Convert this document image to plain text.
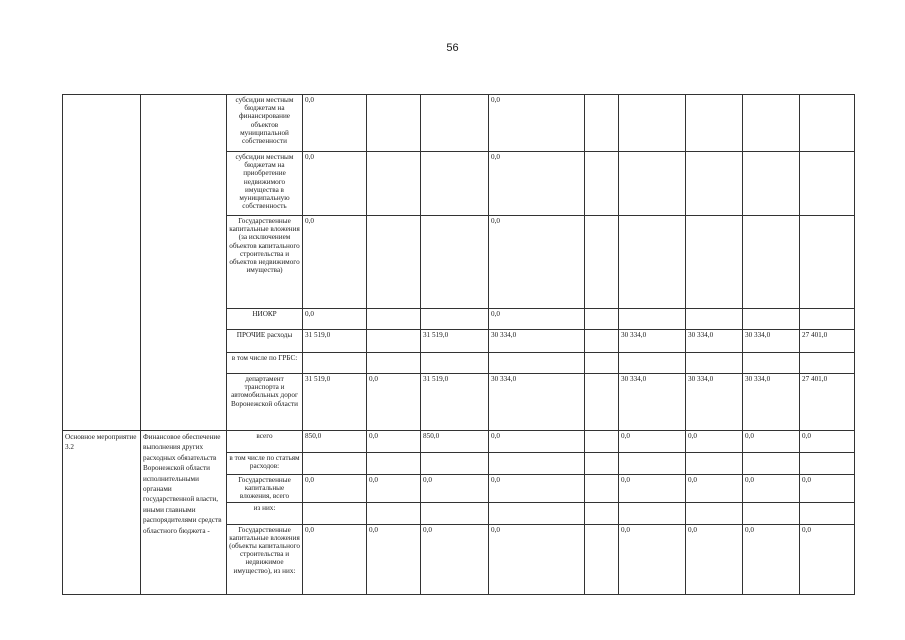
56
		субсидии местным бюджетам на финансирование объектов муниципальной собственности	0,0			0,0					
		субсидии местным бюджетам на приобретение недвижимого имущества в муниципальную собственность	0,0			0,0					
		Государственные капитальные вложения (за исключением объектов капитального строительства и объектов недвижимого имущества)	0,0			0,0					
		НИОКР	0,0			0,0					
		ПРОЧИЕ расходы	31 519,0		31 519,0	30 334,0		30 334,0	30 334,0	30 334,0	27 401,0
		в том числе по ГРБС:									
		департамент транспорта и автомобильных дорог Воронежской области	31 519,0	0,0	31 519,0	30 334,0		30 334,0	30 334,0	30 334,0	27 401,0
Основное мероприятие 3.2	Финансовое обеспечение выполнения других расходных обязательств Воронежской области исполнительными органами государственной власти, иными главными распорядителями средств областного бюджета -	всего	850,0	0,0	850,0	0,0		0,0	0,0	0,0	0,0
		в том числе по статьям расходов:									
		Государственные капитальные вложения, всего	0,0	0,0	0,0	0,0		0,0	0,0	0,0	0,0
		из них:									
		Государственные капитальные вложения (объекты капитального строительства и недвижимое имущество), из них:	0,0	0,0	0,0	0,0		0,0	0,0	0,0	0,0
